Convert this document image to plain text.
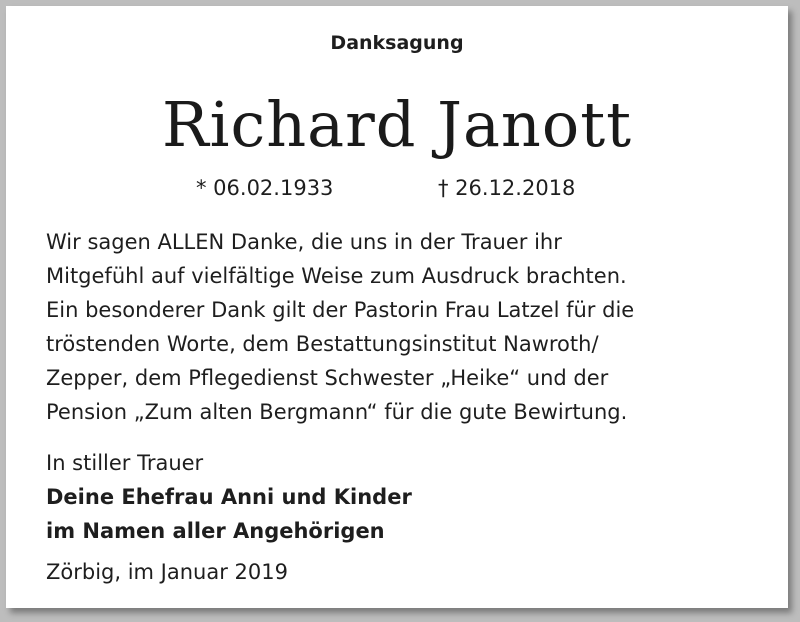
Danksagung
Richard Janott
* 06.02.1933	† 26.12.2018
Wir sagen ALLEN Danke, die uns in der Trauer ihr
Mitgefühl auf vielfältige Weise zum Ausdruck brachten.
Ein besonderer Dank gilt der Pastorin Frau Latzel für die
tröstenden Worte, dem Bestattungsinstitut Nawroth/
Zepper, dem Pflegedienst Schwester „Heike“ und der
Pension „Zum alten Bergmann“ für die gute Bewirtung.
In stiller Trauer
Deine Ehefrau Anni und Kinder
im Namen aller Angehörigen
Zörbig, im Januar 2019
